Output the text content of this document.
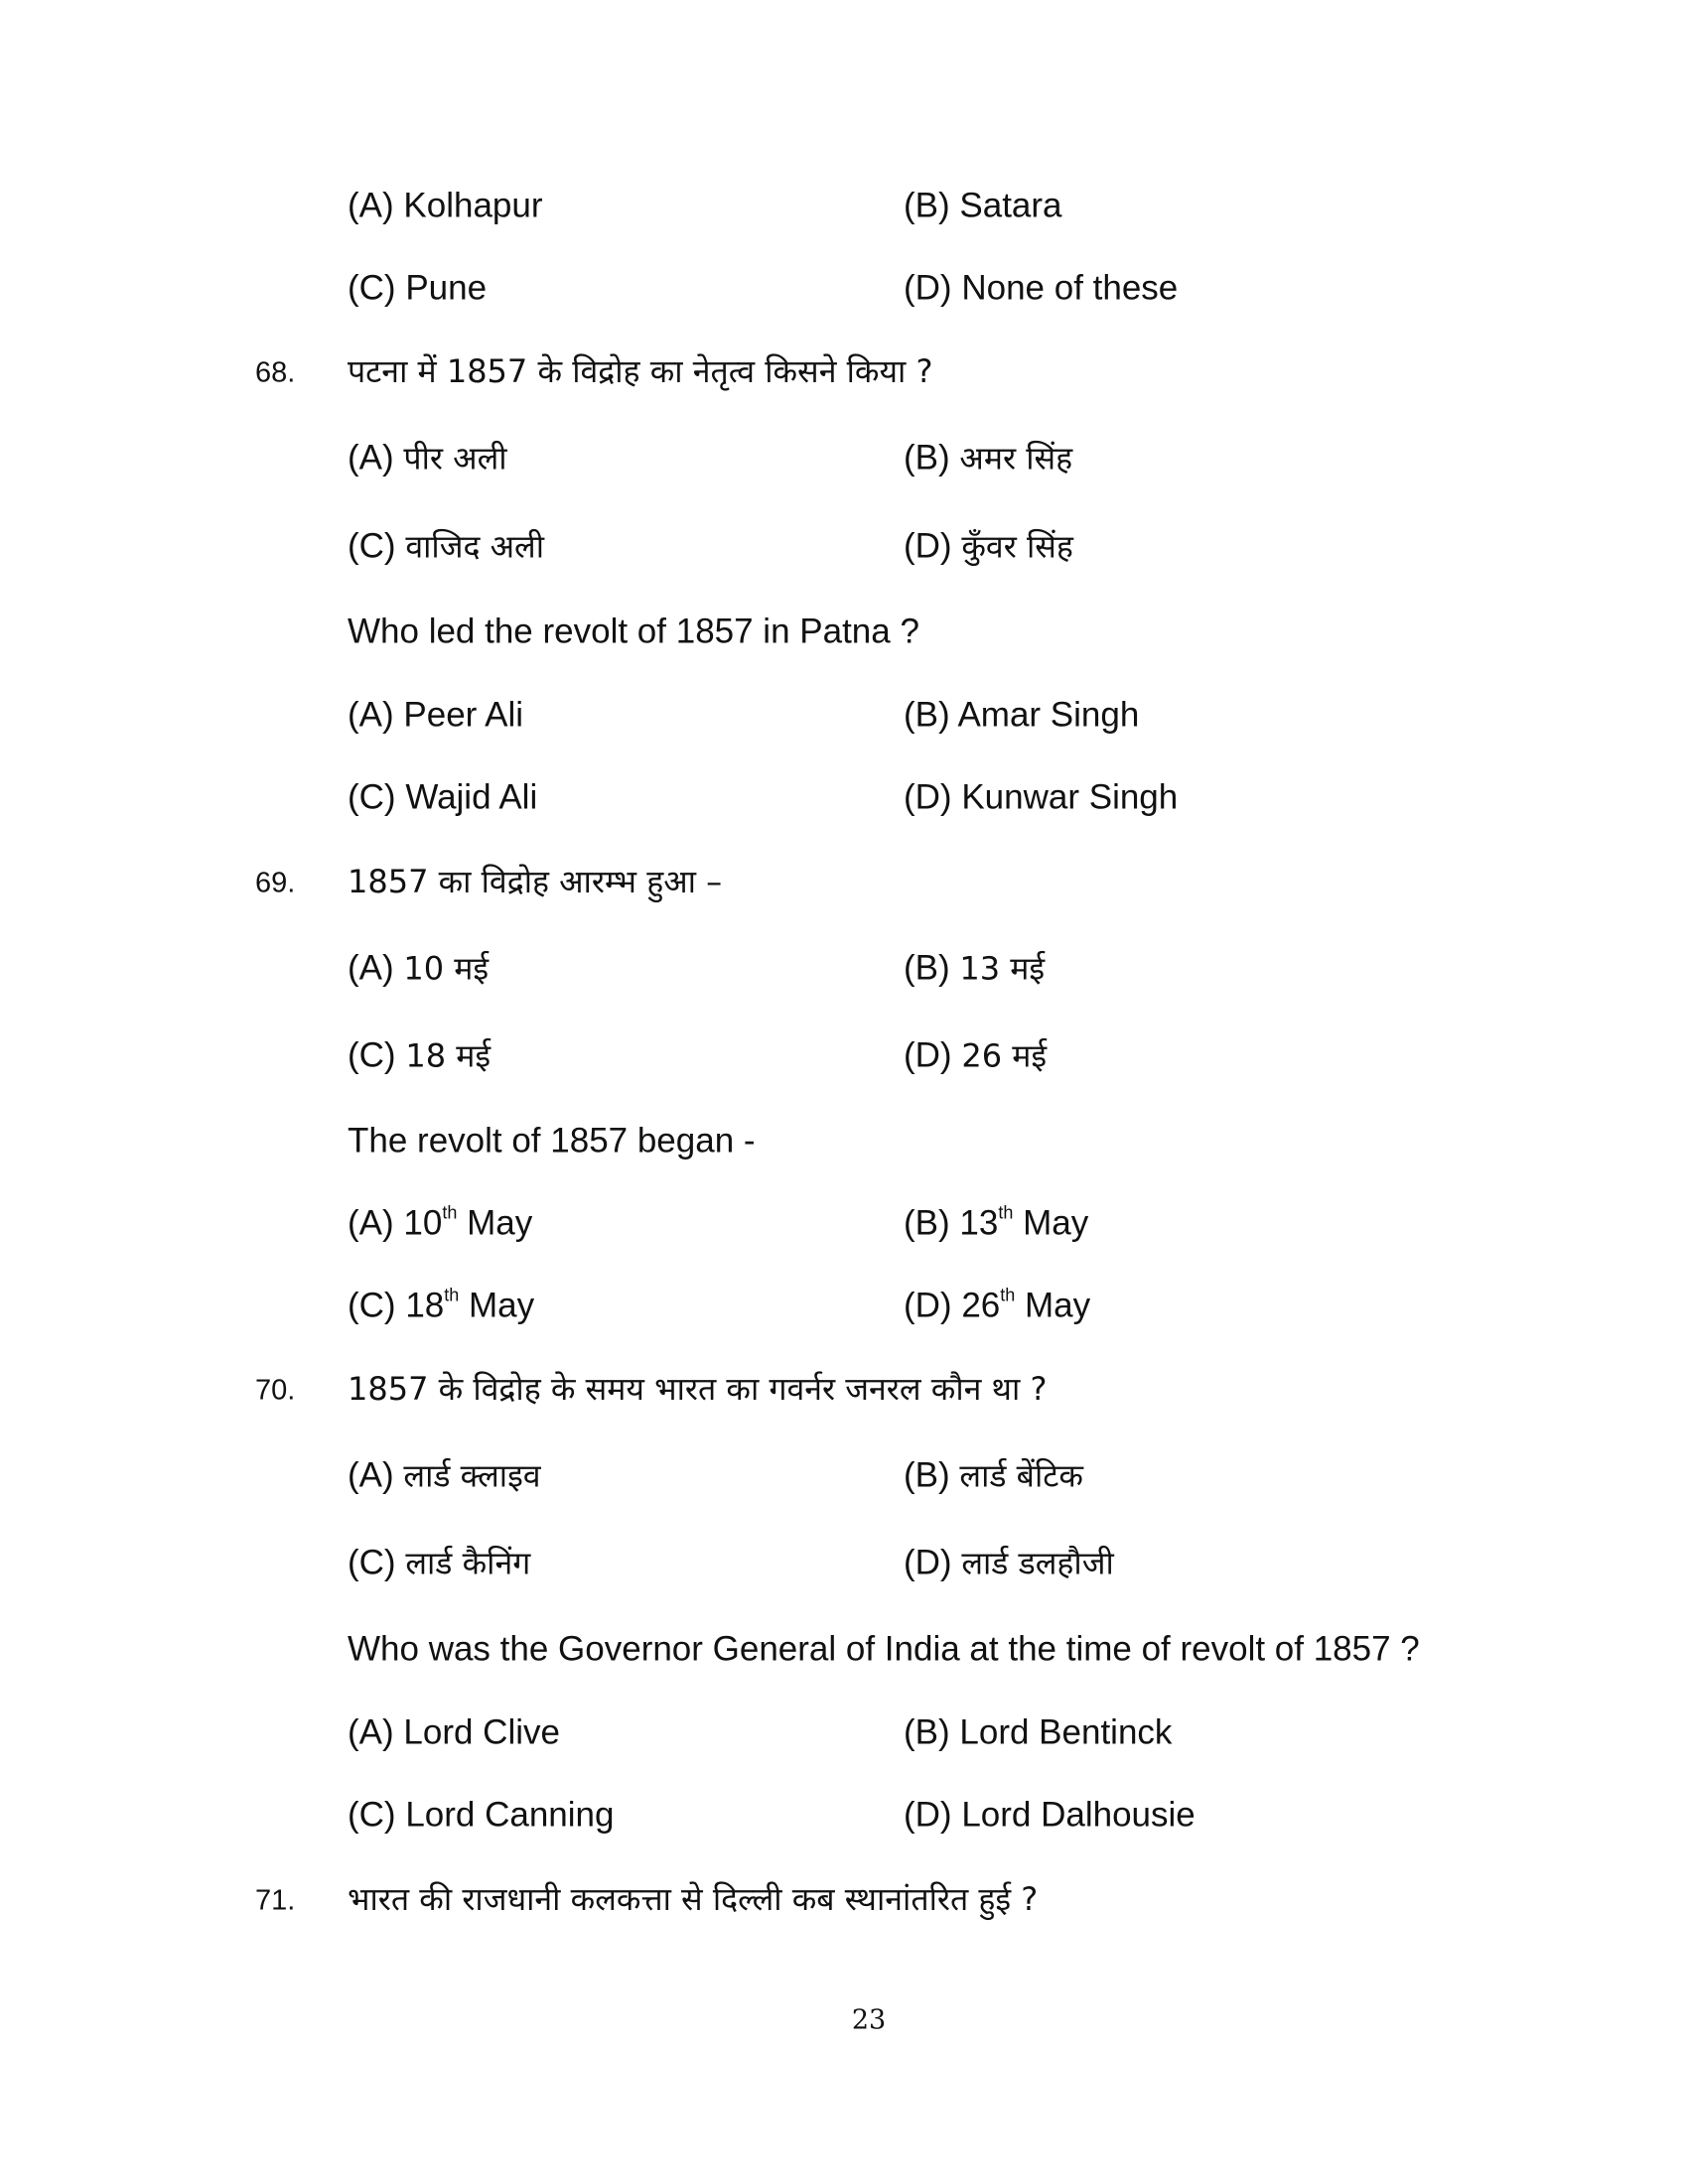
(A) Kolhapur	(B) Satara
(C) Pune	(D) None of these
68. पटना में 1857 के विद्रोह का नेतृत्व किसने किया ?
(A) पीर अली	(B) अमर सिंह
(C) वाजिद अली	(D) कुँवर सिंह
Who led the revolt of 1857 in Patna ?
(A) Peer Ali	(B) Amar Singh
(C) Wajid Ali	(D) Kunwar Singh
69. 1857 का विद्रोह आरम्भ हुआ –
(A) 10 मई	(B) 13 मई
(C) 18 मई	(D) 26 मई
The revolt of 1857 began -
(A) 10th May	(B) 13th May
(C) 18th May	(D) 26th May
70. 1857 के विद्रोह के समय भारत का गवर्नर जनरल कौन था ?
(A) लार्ड क्लाइव	(B) लार्ड बेंटिक
(C) लार्ड कैनिंग	(D) लार्ड डलहौजी
Who was the Governor General of India at the time of revolt of 1857 ?
(A) Lord Clive	(B) Lord Bentinck
(C) Lord Canning	(D) Lord Dalhousie
71. भारत की राजधानी कलकत्ता से दिल्ली कब स्थानांतरित हुई ?
23
